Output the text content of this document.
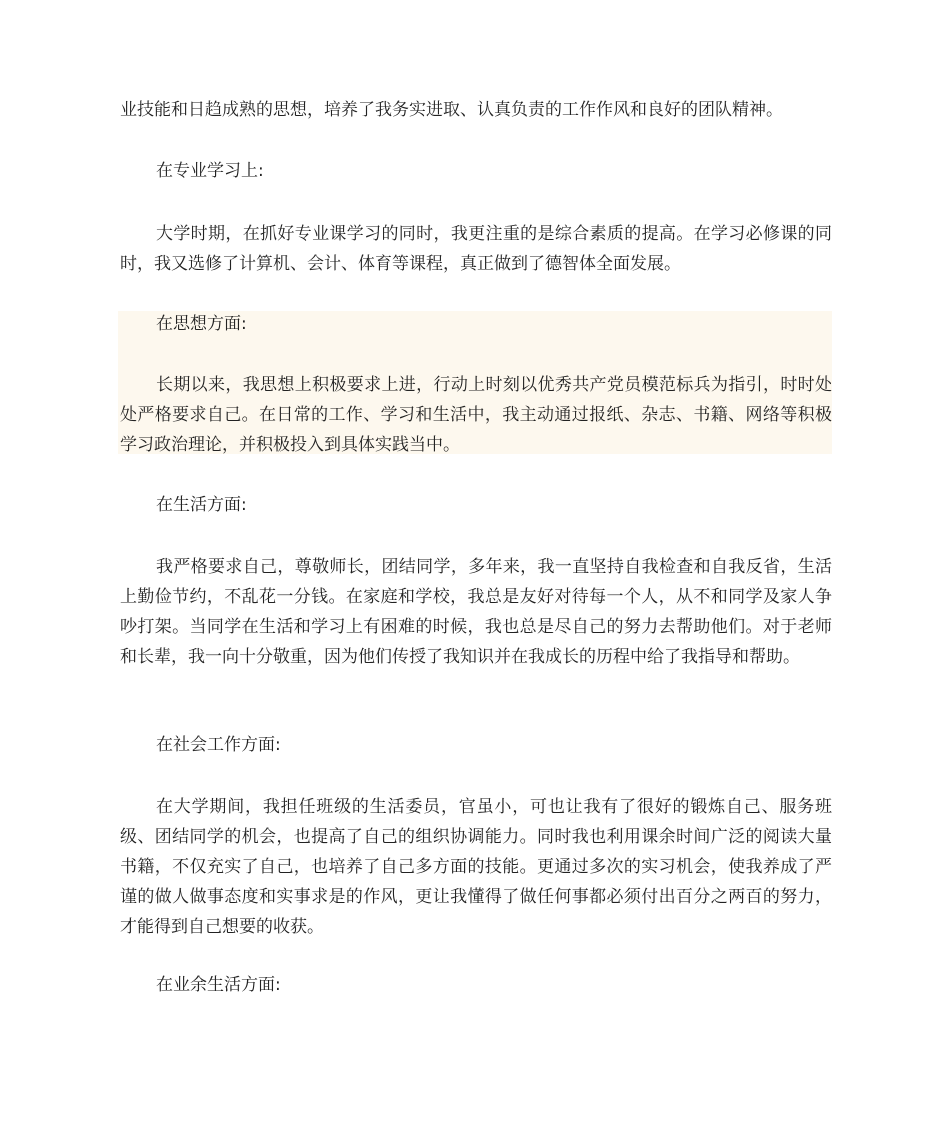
业技能和日趋成熟的思想，培养了我务实进取、认真负责的工作作风和良好的团队精神。

在专业学习上:

大学时期，在抓好专业课学习的同时，我更注重的是综合素质的提高。在学习必修课的同时，我又选修了计算机、会计、体育等课程，真正做到了德智体全面发展。

在思想方面:

长期以来，我思想上积极要求上进，行动上时刻以优秀共产党员模范标兵为指引，时时处处严格要求自己。在日常的工作、学习和生活中，我主动通过报纸、杂志、书籍、网络等积极学习政治理论，并积极投入到具体实践当中。

在生活方面:

我严格要求自己，尊敬师长，团结同学，多年来，我一直坚持自我检查和自我反省，生活上勤俭节约，不乱花一分钱。在家庭和学校，我总是友好对待每一个人，从不和同学及家人争吵打架。当同学在生活和学习上有困难的时候，我也总是尽自己的努力去帮助他们。对于老师和长辈，我一向十分敬重，因为他们传授了我知识并在我成长的历程中给了我指导和帮助。

在社会工作方面:

在大学期间，我担任班级的生活委员，官虽小，可也让我有了很好的锻炼自己、服务班级、团结同学的机会，也提高了自己的组织协调能力。同时我也利用课余时间广泛的阅读大量书籍，不仅充实了自己，也培养了自己多方面的技能。更通过多次的实习机会，使我养成了严谨的做人做事态度和实事求是的作风，更让我懂得了做任何事都必须付出百分之两百的努力，才能得到自己想要的收获。

在业余生活方面:
